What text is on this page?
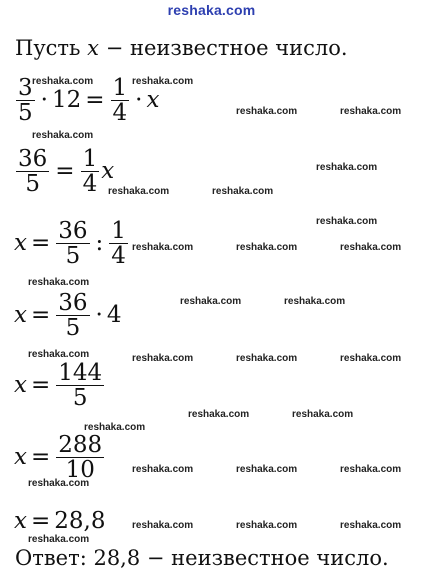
reshaka.com
Пусть x − неизвестное число.
$\frac{3}{5} \cdot 12 = \frac{1}{4} \cdot x$
$\frac{36}{5} = \frac{1}{4}$ x
$x = \frac{36}{5}$ : $\frac{1}{4}$
$x = \frac{36}{5} \cdot 4$
$x = \frac{144}{5}$
$x = \frac{288}{10}$
x = 28,8
Ответ: 28,8 − неизвестное число.
reshaka.com	reshaka.com
reshaka.com
reshaka.com	reshaka.com
reshaka.com
reshaka.com	reshaka.com
reshaka.com
reshaka.com	reshaka.com	reshaka.com
reshaka.com
reshaka.com	reshaka.com
reshaka.com	reshaka.com	reshaka.com	reshaka.com
reshaka.com	reshaka.com
reshaka.com
reshaka.com	reshaka.com	reshaka.com
reshaka.com
reshaka.com	reshaka.com	reshaka.com
reshaka.com
